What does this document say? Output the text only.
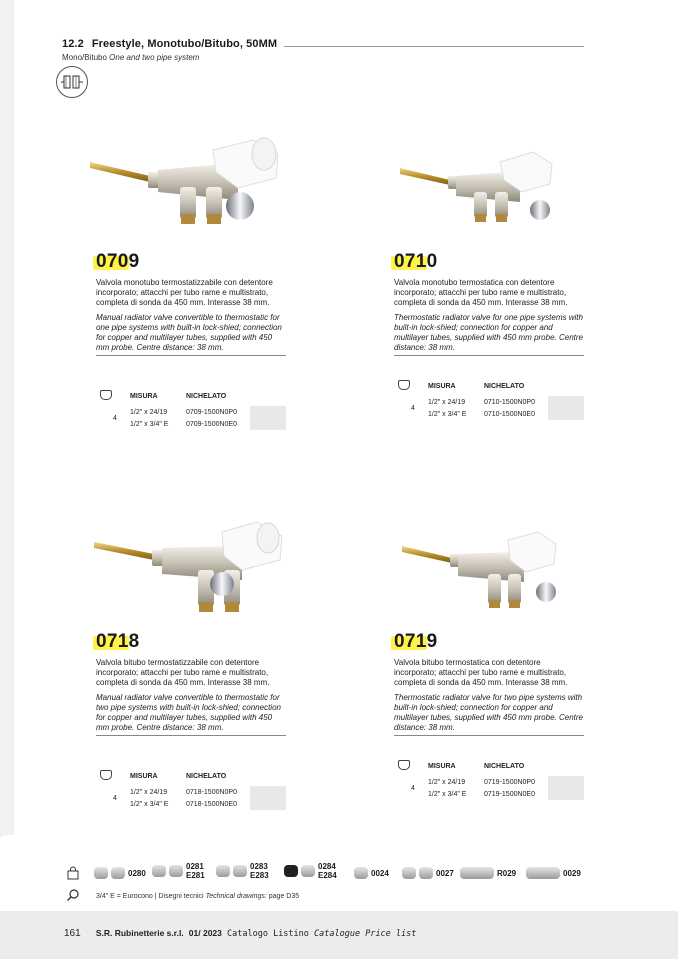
12.2 Freestyle, Monotubo/Bitubo, 50MM
Mono/Bitubo One and two pipe system
0709
Valvola monotubo termostatizzabile con detentore incorporato; attacchi per tubo rame e multistrato, completa di sonda da 450 mm. Interasse 38 mm.
Manual radiator valve convertible to thermostatic for one pipe systems with built-in lock-shied; connection for copper and multilayer tubes, supplied with 450 mm probe. Centre distance: 38 mm.
	MISURA	NICHELATO	
4	1/2" x 24/19	0709-1500N0P0	
	1/2" x 3/4" E	0709-1500N0E0	
0710
Valvola monotubo termostatica con detentore incorporato; attacchi per tubo rame e multistrato, completa di sonda da 450 mm. Interasse 38 mm.
Thermostatic radiator valve for one pipe systems with built-in lock-shied; connection for copper and multilayer tubes, supplied with 450 mm probe. Centre distance: 38 mm.
	MISURA	NICHELATO	
4	1/2" x 24/19	0710-1500N0P0	
	1/2" x 3/4" E	0710-1500N0E0	
0718
Valvola bitubo termostatizzabile con detentore incorporato; attacchi per tubo rame e multistrato, completa di sonda da 450 mm. Interasse 38 mm.
Manual radiator valve convertible to thermostatic for two pipe systems with built-in lock-shied; connection for copper and multilayer tubes, supplied with 450 mm probe. Centre distance: 38 mm.
	MISURA	NICHELATO	
4	1/2" x 24/19	0718-1500N0P0	
	1/2" x 3/4" E	0718-1500N0E0	
0719
Valvola bitubo termostatica con detentore incorporato; attacchi per tubo rame e multistrato, completa di sonda da 450 mm. Interasse 38 mm.
Thermostatic radiator valve for two pipe systems with built-in lock-shied; connection for copper and multilayer tubes, supplied with 450 mm probe. Centre distance: 38 mm.
	MISURA	NICHELATO	
4	1/2" x 24/19	0719-1500N0P0	
	1/2" x 3/4" E	0719-1500N0E0	
0280
0281
E281
0283
E283
0284
E284	0024	0027	R029	0029
3/4" E = Eurocono | Disegni tecnici Technical drawings: page D35
161 S.R. Rubinetterie s.r.l. 01/ 2023 Catalogo Listino Catalogue Price list
